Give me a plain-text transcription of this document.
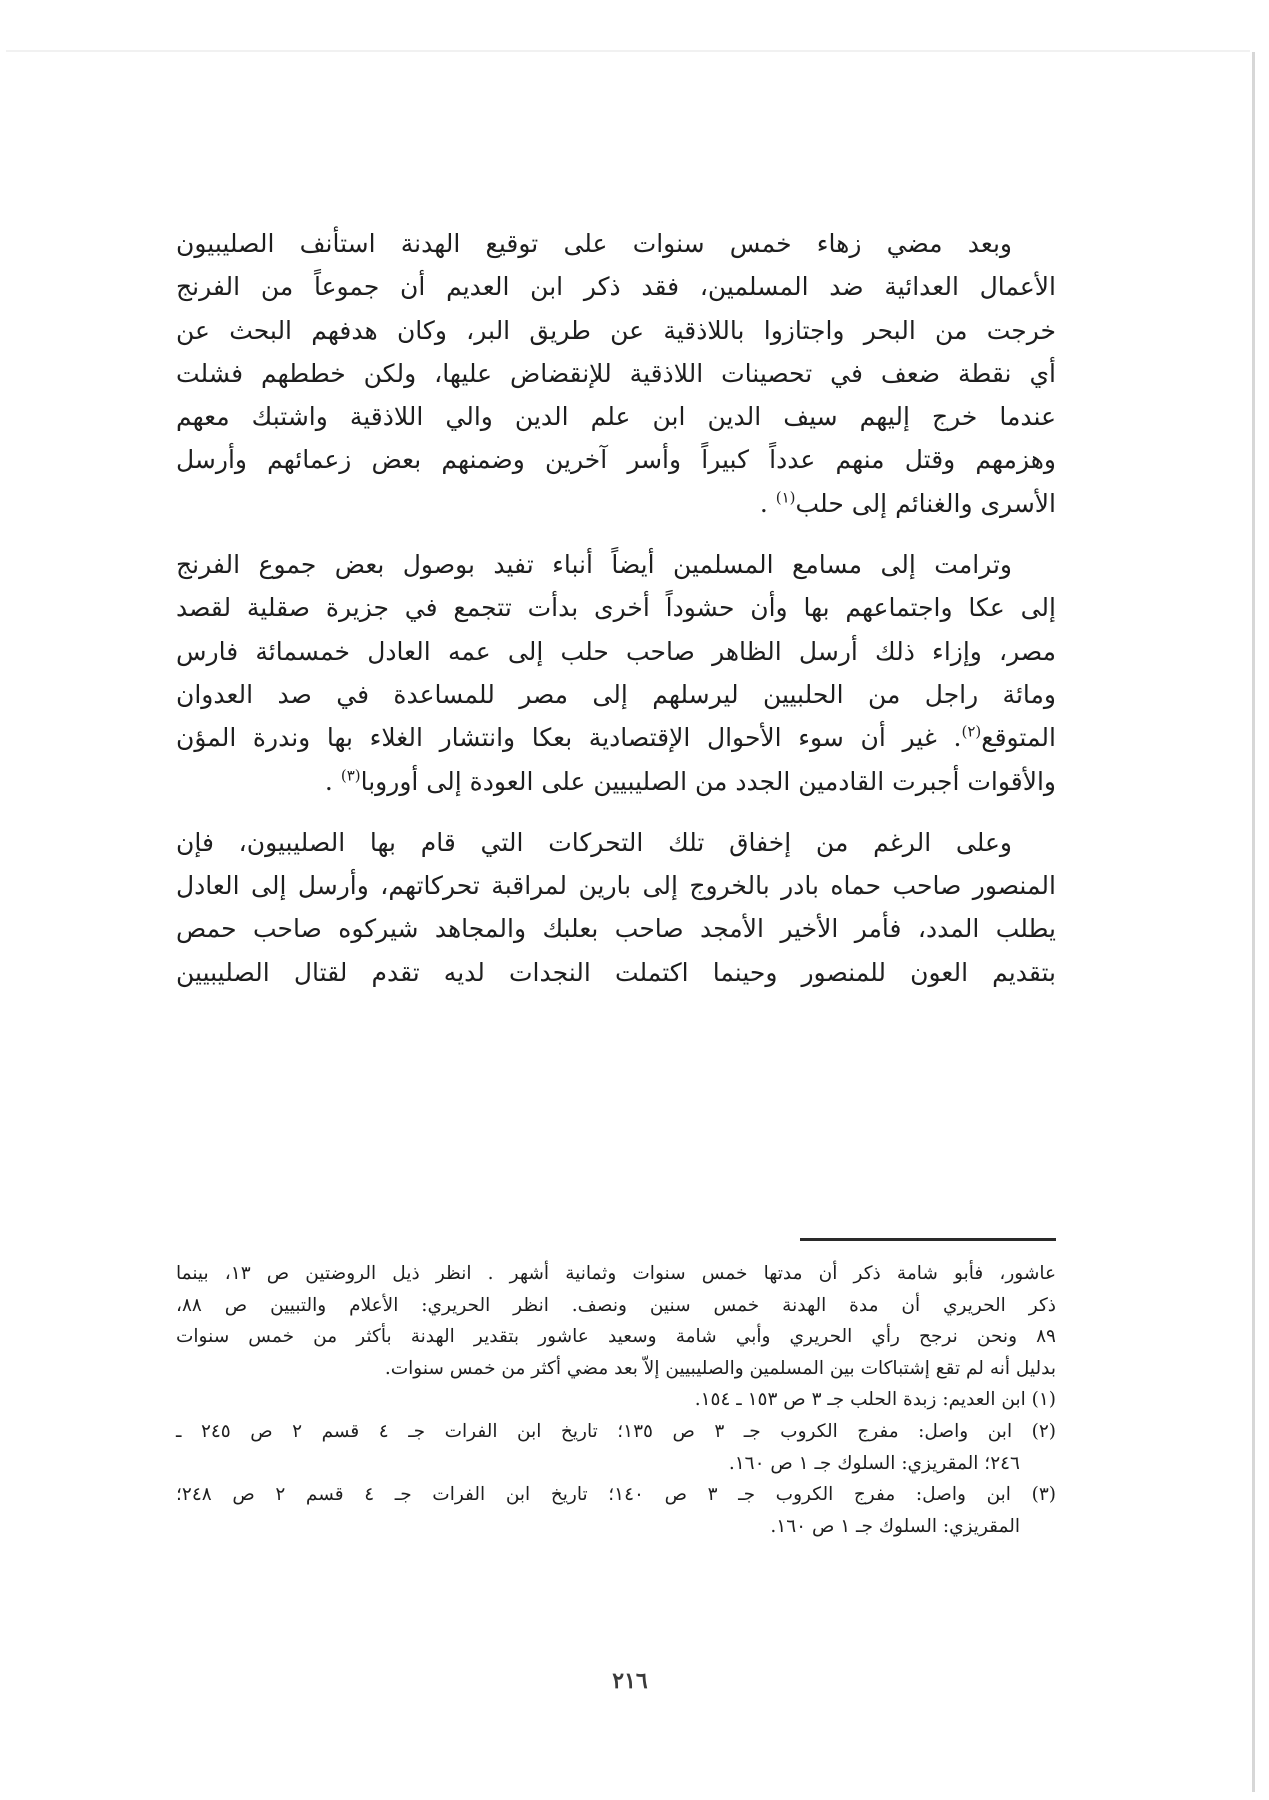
وبعد مضي زهاء خمس سنوات على توقيع الهدنة استأنف الصليبيون
الأعمال العدائية ضد المسلمين، فقد ذكر ابن العديم أن جموعاً من الفرنج
خرجت من البحر واجتازوا باللاذقية عن طريق البر، وكان هدفهم البحث عن
أي نقطة ضعف في تحصينات اللاذقية للإنقضاض عليها، ولكن خططهم فشلت
عندما خرج إليهم سيف الدين ابن علم الدين والي اللاذقية واشتبك معهم
وهزمهم وقتل منهم عدداً كبيراً وأسر آخرين وضمنهم بعض زعمائهم وأرسل
الأسرى والغنائم إلى حلب$^{(١)}$ .

وترامت إلى مسامع المسلمين أيضاً أنباء تفيد بوصول بعض جموع الفرنج
إلى عكا واجتماعهم بها وأن حشوداً أخرى بدأت تتجمع في جزيرة صقلية لقصد
مصر، وإزاء ذلك أرسل الظاهر صاحب حلب إلى عمه العادل خمسمائة فارس
ومائة راجل من الحلبيين ليرسلهم إلى مصر للمساعدة في صد العدوان
المتوقع$^{(٢)}$. غير أن سوء الأحوال الإقتصادية بعكا وانتشار الغلاء بها وندرة المؤن
والأقوات أجبرت القادمين الجدد من الصليبيين على العودة إلى أوروبا$^{(٣)}$ .

وعلى الرغم من إخفاق تلك التحركات التي قام بها الصليبيون، فإن
المنصور صاحب حماه بادر بالخروج إلى بارين لمراقبة تحركاتهم، وأرسل إلى العادل
يطلب المدد، فأمر الأخير الأمجد صاحب بعلبك والمجاهد شيركوه صاحب حمص
بتقديم العون للمنصور وحينما اكتملت النجدات لديه تقدم لقتال الصليبيين

عاشور، فأبو شامة ذكر أن مدتها خمس سنوات وثمانية أشهر . انظر ذيل الروضتين ص ١٣، بينما
ذكر الحريري أن مدة الهدنة خمس سنين ونصف. انظر الحريري: الأعلام والتبيين ص ٨٨،
٨٩ ونحن نرجح رأي الحريري وأبي شامة وسعيد عاشور بتقدير الهدنة بأكثر من خمس سنوات
بدليل أنه لم تقع إشتباكات بين المسلمين والصليبيين إلاّ بعد مضي أكثر من خمس سنوات.
(١) ابن العديم: زبدة الحلب جـ ٣ ص ١٥٣ ـ ١٥٤.
(٢) ابن واصل: مفرج الكروب جـ ٣ ص ١٣٥؛ تاريخ ابن الفرات جـ ٤ قسم ٢ ص ٢٤٥ ـ
٢٤٦؛ المقريزي: السلوك جـ ١ ص ١٦٠.
(٣) ابن واصل: مفرج الكروب جـ ٣ ص ١٤٠؛ تاريخ ابن الفرات جـ ٤ قسم ٢ ص ٢٤٨؛
المقريزي: السلوك جـ ١ ص ١٦٠.
٢١٦
